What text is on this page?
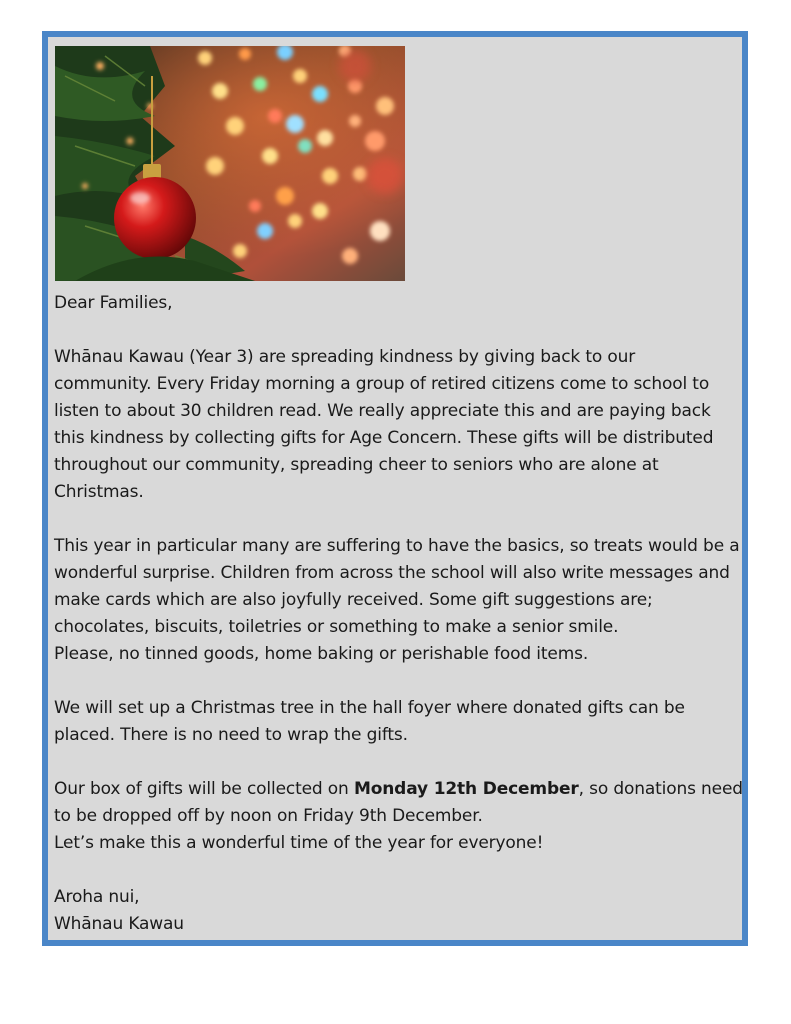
Dear Families,

Whānau Kawau (Year 3) are spreading kindness by giving back to our
community. Every Friday morning a group of retired citizens come to school to
listen to about 30 children read. We really appreciate this and are paying back
this kindness by collecting gifts for Age Concern. These gifts will be distributed
throughout our community, spreading cheer to seniors who are alone at
Christmas.

This year in particular many are suffering to have the basics, so treats would be a
wonderful surprise. Children from across the school will also write messages and
make cards which are also joyfully received. Some gift suggestions are;
chocolates, biscuits, toiletries or something to make a senior smile.
Please, no tinned goods, home baking or perishable food items.

We will set up a Christmas tree in the hall foyer where donated gifts can be
placed. There is no need to wrap the gifts.

Our box of gifts will be collected on Monday 12th December, so donations need
to be dropped off by noon on Friday 9th December.
Let’s make this a wonderful time of the year for everyone!

Aroha nui,
Whānau Kawau
